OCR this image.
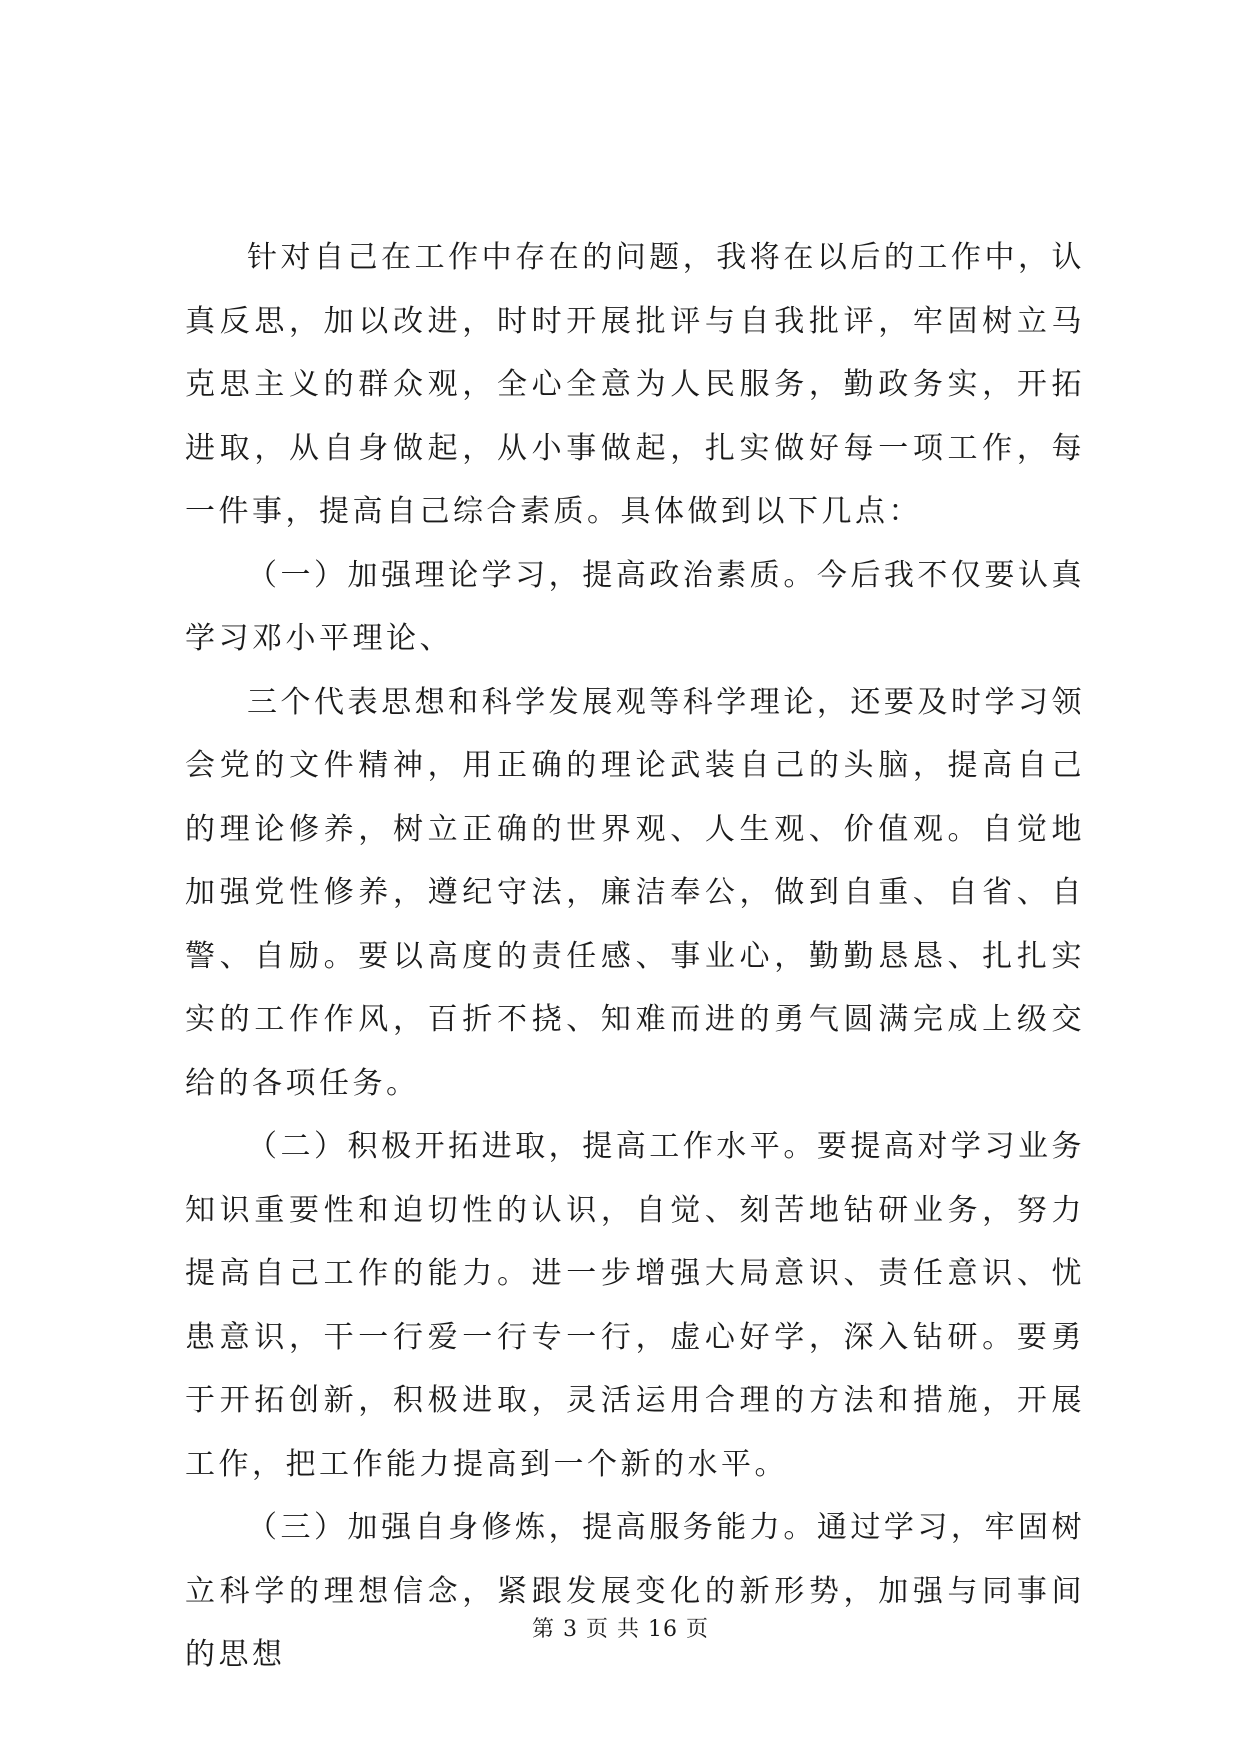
针对自己在工作中存在的问题，我将在以后的工作中，认真反思，加以改进，时时开展批评与自我批评，牢固树立马克思主义的群众观，全心全意为人民服务，勤政务实，开拓进取，从自身做起，从小事做起，扎实做好每一项工作，每一件事，提高自己综合素质。具体做到以下几点：

（一）加强理论学习，提高政治素质。今后我不仅要认真学习邓小平理论、

三个代表思想和科学发展观等科学理论，还要及时学习领会党的文件精神，用正确的理论武装自己的头脑，提高自己的理论修养，树立正确的世界观、人生观、价值观。自觉地加强党性修养，遵纪守法，廉洁奉公，做到自重、自省、自警、自励。要以高度的责任感、事业心，勤勤恳恳、扎扎实实的工作作风，百折不挠、知难而进的勇气圆满完成上级交给的各项任务。

（二）积极开拓进取，提高工作水平。要提高对学习业务知识重要性和迫切性的认识，自觉、刻苦地钻研业务，努力提高自己工作的能力。进一步增强大局意识、责任意识、忧患意识，干一行爱一行专一行，虚心好学，深入钻研。要勇于开拓创新，积极进取，灵活运用合理的方法和措施，开展工作，把工作能力提高到一个新的水平。

（三）加强自身修炼，提高服务能力。通过学习，牢固树立科学的理想信念，紧跟发展变化的新形势，加强与同事间的思想

第 3 页 共 16 页
